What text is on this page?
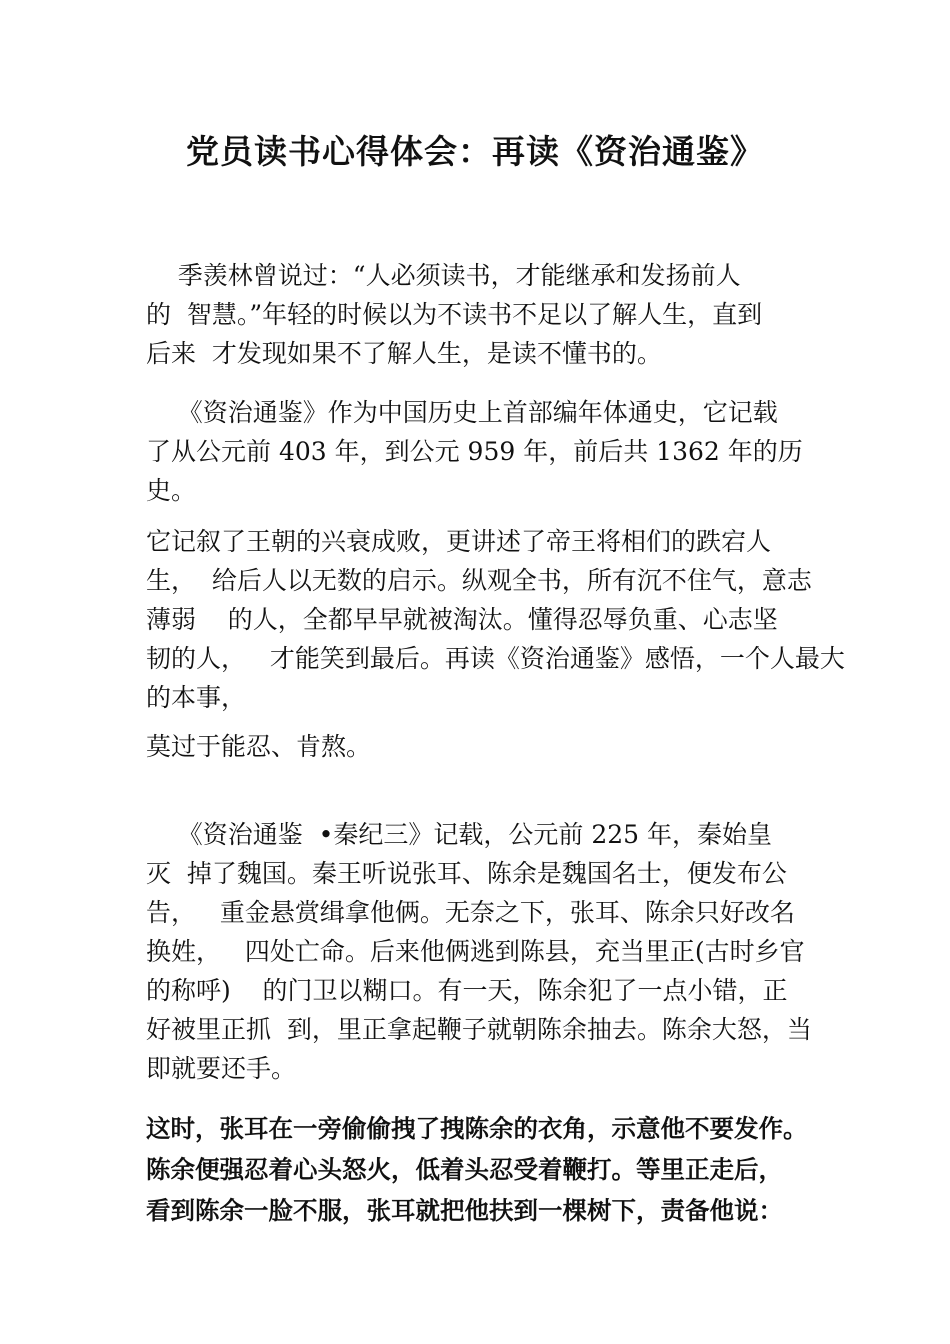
党员读书心得体会：再读《资治通鉴》
季羡林曾说过：“人必须读书，才能继承和发扬前人
的  智慧。”年轻的时候以为不读书不足以了解人生，直到
后来  才发现如果不了解人生，是读不懂书的。
《资治通鉴》作为中国历史上首部编年体通史，它记载
了从公元前 403 年，到公元 959 年，前后共 1362 年的历
史。
它记叙了王朝的兴衰成败，更讲述了帝王将相们的跌宕人
生，  给后人以无数的启示。纵观全书，所有沉不住气，意志
薄弱    的人，全都早早就被淘汰。懂得忍辱负重、心志坚
韧的人，   才能笑到最后。再读《资治通鉴》感悟，一个人最大
的本事，
莫过于能忍、肯熬。
《资治通鉴  •秦纪三》记载，公元前 225 年，秦始皇
灭  掉了魏国。秦王听说张耳、陈余是魏国名士，便发布公
告，   重金悬赏缉拿他俩。无奈之下，张耳、陈余只好改名
换姓，   四处亡命。后来他俩逃到陈县，充当里正(古时乡官
的称呼)    的门卫以糊口。有一天，陈余犯了一点小错，正
好被里正抓  到，里正拿起鞭子就朝陈余抽去。陈余大怒，当
即就要还手。
这时，张耳在一旁偷偷拽了拽陈余的衣角，示意他不要发作。
陈余便强忍着心头怒火，低着头忍受着鞭打。等里正走后，
看到陈余一脸不服，张耳就把他扶到一棵树下，责备他说：
